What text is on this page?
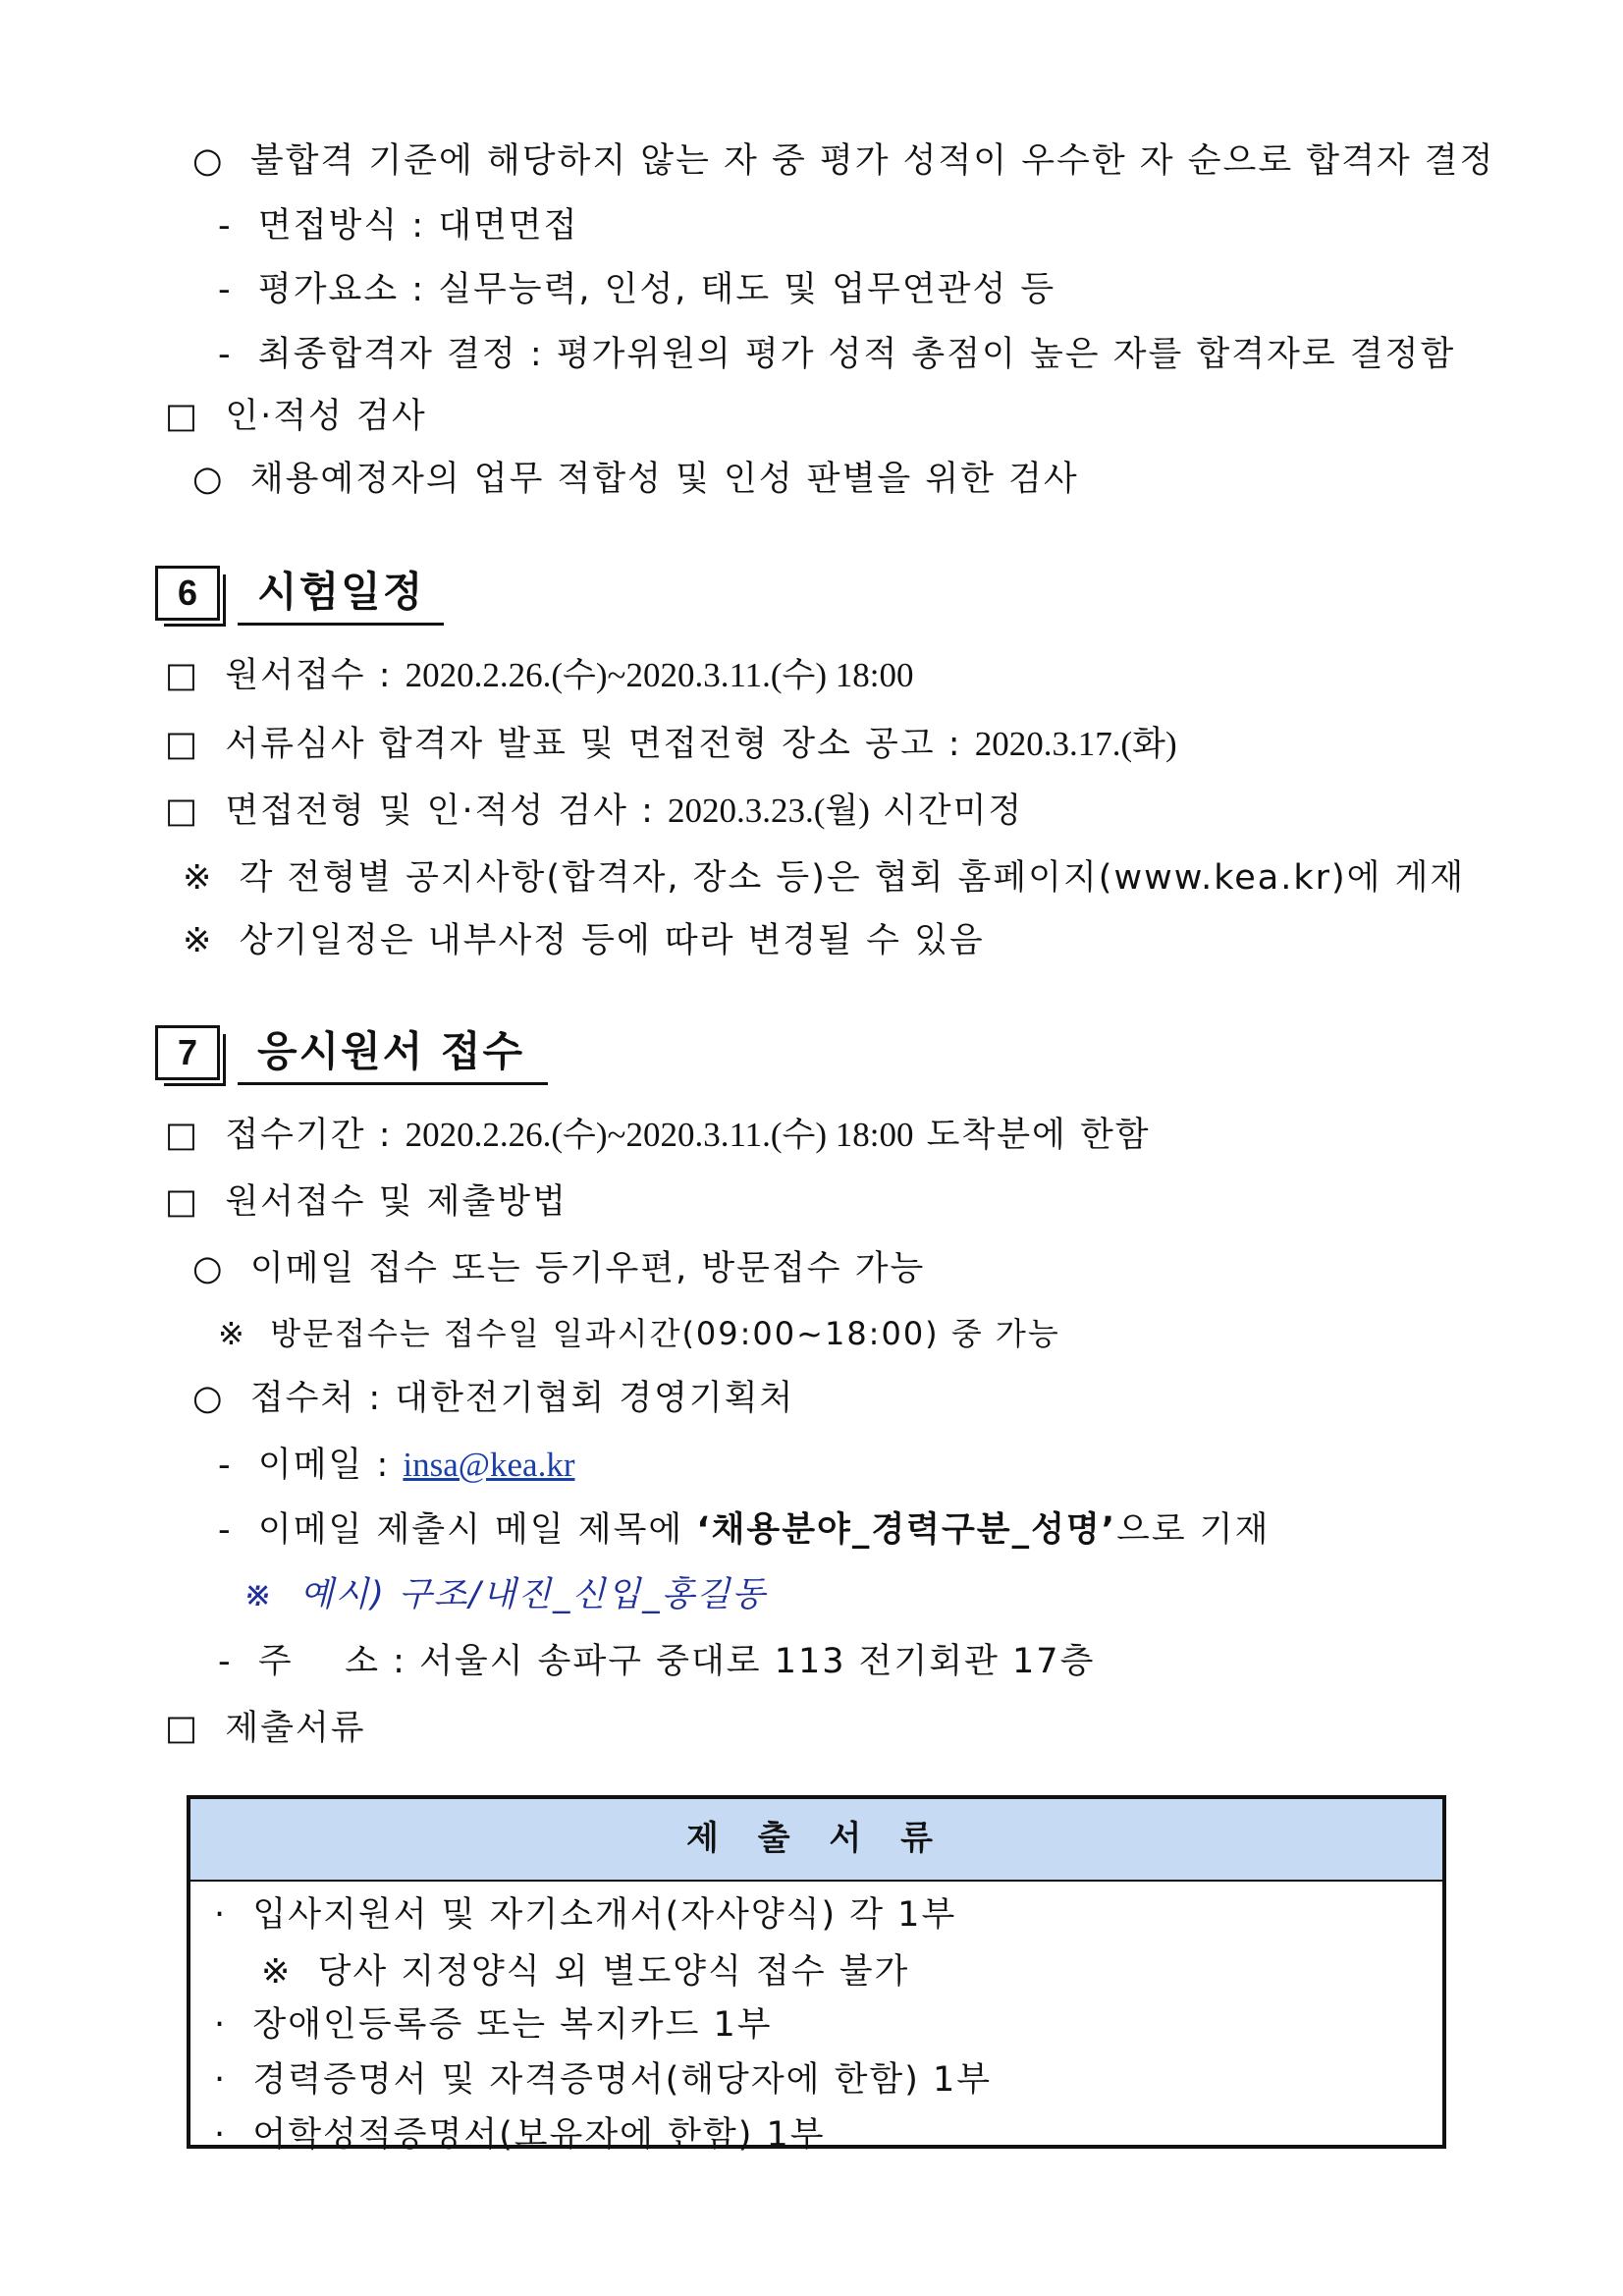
○ 불합격 기준에 해당하지 않는 자 중 평가 성적이 우수한 자 순으로 합격자 결정
- 면접방식 : 대면면접
- 평가요소 : 실무능력, 인성, 태도 및 업무연관성 등
- 최종합격자 결정 : 평가위원의 평가 성적 총점이 높은 자를 합격자로 결정함
□ 인·적성 검사
○ 채용예정자의 업무 적합성 및 인성 판별을 위한 검사
6	시험일정
□ 원서접수 : 2020.2.26.(수)~2020.3.11.(수) 18:00
□ 서류심사 합격자 발표 및 면접전형 장소 공고 : 2020.3.17.(화)
□ 면접전형 및 인·적성 검사 : 2020.3.23.(월) 시간미정
※ 각 전형별 공지사항(합격자, 장소 등)은 협회 홈페이지(www.kea.kr)에 게재
※ 상기일정은 내부사정 등에 따라 변경될 수 있음
7	응시원서 접수
□ 접수기간 : 2020.2.26.(수)~2020.3.11.(수) 18:00 도착분에 한함
□ 원서접수 및 제출방법
○ 이메일 접수 또는 등기우편, 방문접수 가능
※ 방문접수는 접수일 일과시간(09:00~18:00) 중 가능
○ 접수처 : 대한전기협회 경영기획처
- 이메일 : insa@kea.kr
- 이메일 제출시 메일 제목에 ‘채용분야_경력구분_성명’으로 기재
※ 예시) 구조/내진_신입_홍길동
- 주    소 : 서울시 송파구 중대로 113 전기회관 17층
□ 제출서류
제 출 서 류
· 입사지원서 및 자기소개서(자사양식) 각 1부
※ 당사 지정양식 외 별도양식 접수 불가
· 장애인등록증 또는 복지카드 1부
· 경력증명서 및 자격증명서(해당자에 한함) 1부
· 어학성적증명서(보유자에 한함) 1부
